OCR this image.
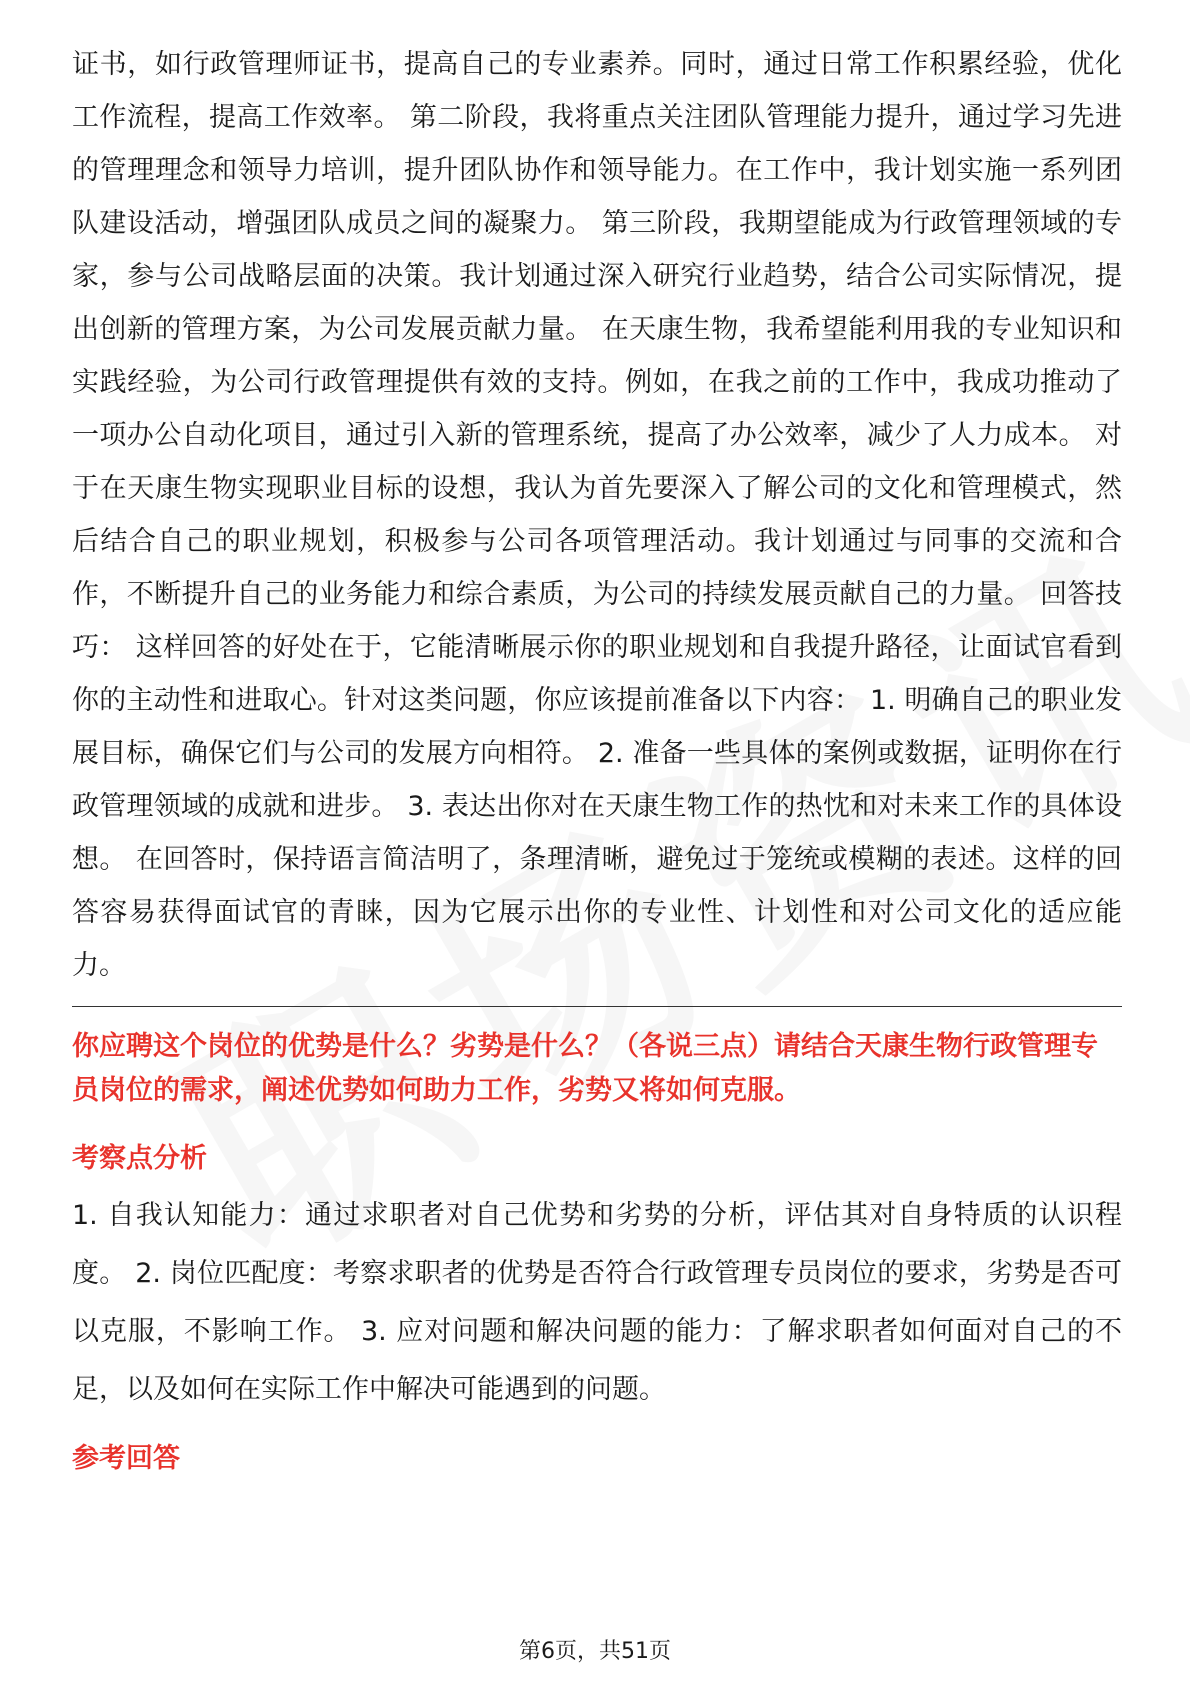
证书，如行政管理师证书，提高自己的专业素养。同时，通过日常工作积累经验，优化工作流程，提高工作效率。 第二阶段，我将重点关注团队管理能力提升，通过学习先进的管理理念和领导力培训，提升团队协作和领导能力。在工作中，我计划实施一系列团队建设活动，增强团队成员之间的凝聚力。 第三阶段，我期望能成为行政管理领域的专家，参与公司战略层面的决策。我计划通过深入研究行业趋势，结合公司实际情况，提出创新的管理方案，为公司发展贡献力量。 在天康生物，我希望能利用我的专业知识和实践经验，为公司行政管理提供有效的支持。例如，在我之前的工作中，我成功推动了一项办公自动化项目，通过引入新的管理系统，提高了办公效率，减少了人力成本。 对于在天康生物实现职业目标的设想，我认为首先要深入了解公司的文化和管理模式，然后结合自己的职业规划，积极参与公司各项管理活动。我计划通过与同事的交流和合作，不断提升自己的业务能力和综合素质，为公司的持续发展贡献自己的力量。 回答技巧： 这样回答的好处在于，它能清晰展示你的职业规划和自我提升路径，让面试官看到你的主动性和进取心。针对这类问题，你应该提前准备以下内容： 1. 明确自己的职业发展目标，确保它们与公司的发展方向相符。 2. 准备一些具体的案例或数据，证明你在行政管理领域的成就和进步。 3. 表达出你对在天康生物工作的热忱和对未来工作的具体设想。 在回答时，保持语言简洁明了，条理清晰，避免过于笼统或模糊的表述。这样的回答容易获得面试官的青睐，因为它展示出你的专业性、计划性和对公司文化的适应能力。

你应聘这个岗位的优势是什么？劣势是什么？（各说三点）请结合天康生物行政管理专员岗位的需求，阐述优势如何助力工作，劣势又将如何克服。

考察点分析

1. 自我认知能力：通过求职者对自己优势和劣势的分析，评估其对自身特质的认识程度。 2. 岗位匹配度：考察求职者的优势是否符合行政管理专员岗位的要求，劣势是否可以克服，不影响工作。 3. 应对问题和解决问题的能力：了解求职者如何面对自己的不足，以及如何在实际工作中解决可能遇到的问题。

参考回答
第6页，共51页
